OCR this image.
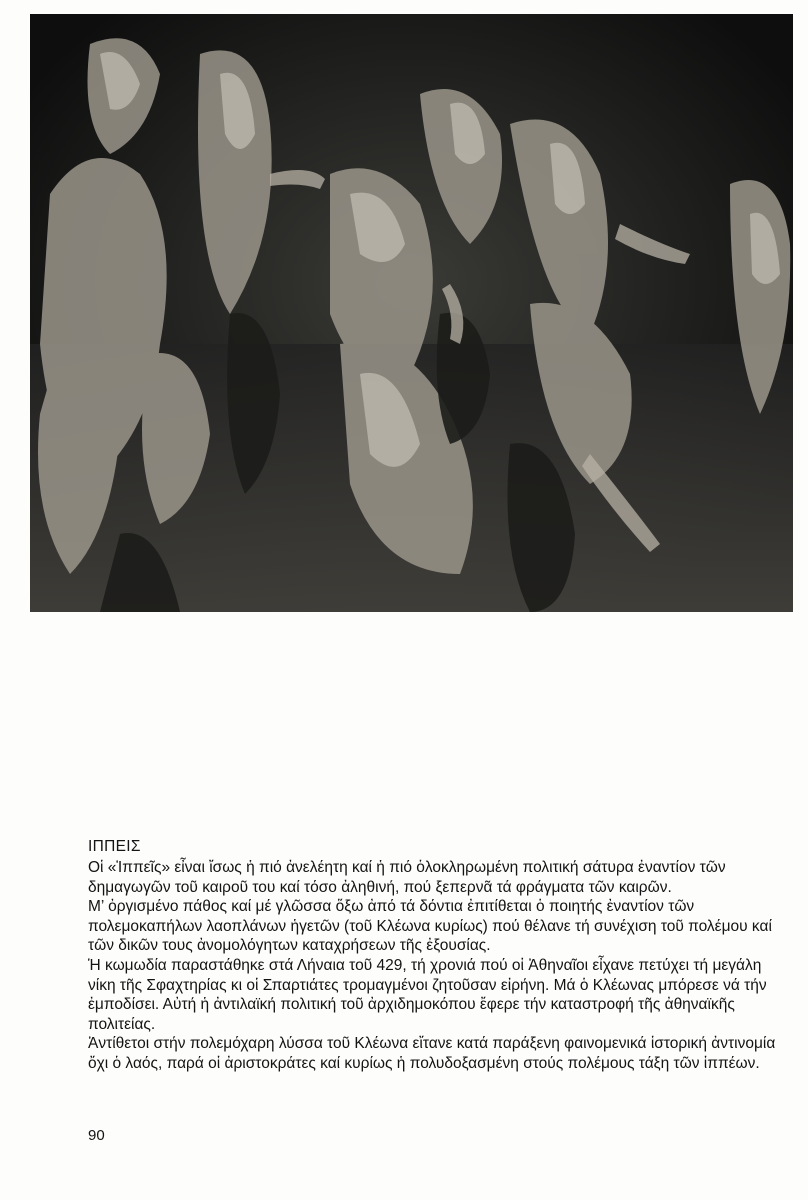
ΙΠΠΕΙΣ

Οἱ «Ἱππεῖς» εἶναι ἴσως ἡ πιό ἀνελέητη καί ἡ πιό ὁλοκληρωμένη πολιτική σάτυρα ἐναντίον τῶν δημαγωγῶν τοῦ καιροῦ του καί τόσο ἀληθινή, πού ξεπερνᾶ τά φράγματα τῶν καιρῶν.

Μ’ ὀργισμένο πάθος καί μέ γλῶσσα ὅξω ἀπό τά δόντια ἐπιτίθεται ὁ ποιητής ἐναντίον τῶν πολεμοκαπήλων λαοπλάνων ἡγετῶν (τοῦ Κλέωνα κυρίως) πού θέλανε τή συνέχιση τοῦ πολέμου καί τῶν δικῶν τους ἀνομολόγητων καταχρήσεων τῆς ἐξουσίας.

Ἡ κωμωδία παραστάθηκε στά Λήναια τοῦ 429, τή χρονιά πού οἱ Ἀθηναῖοι εἶχανε πετύχει τή μεγάλη νίκη τῆς Σφαχτηρίας κι οἱ Σπαρτιάτες τρομαγμένοι ζητοῦσαν εἰρήνη. Μά ὁ Κλέωνας μπόρεσε νά τήν ἐμποδίσει. Αὐτή ἡ ἀντιλαϊκή πολιτική τοῦ ἀρχιδημοκόπου ἔφερε τήν καταστροφή τῆς ἀθηναϊκῆς πολιτείας.

Ἀντίθετοι στήν πολεμόχαρη λύσσα τοῦ Κλέωνα εἴτανε κατά παράξενη φαινομενικά ἱστορική ἀντινομία ὄχι ὁ λαός, παρά οἱ ἀριστοκράτες καί κυρίως ἡ πολυδοξασμένη στούς πολέμους τάξη τῶν ἱππέων.

90
